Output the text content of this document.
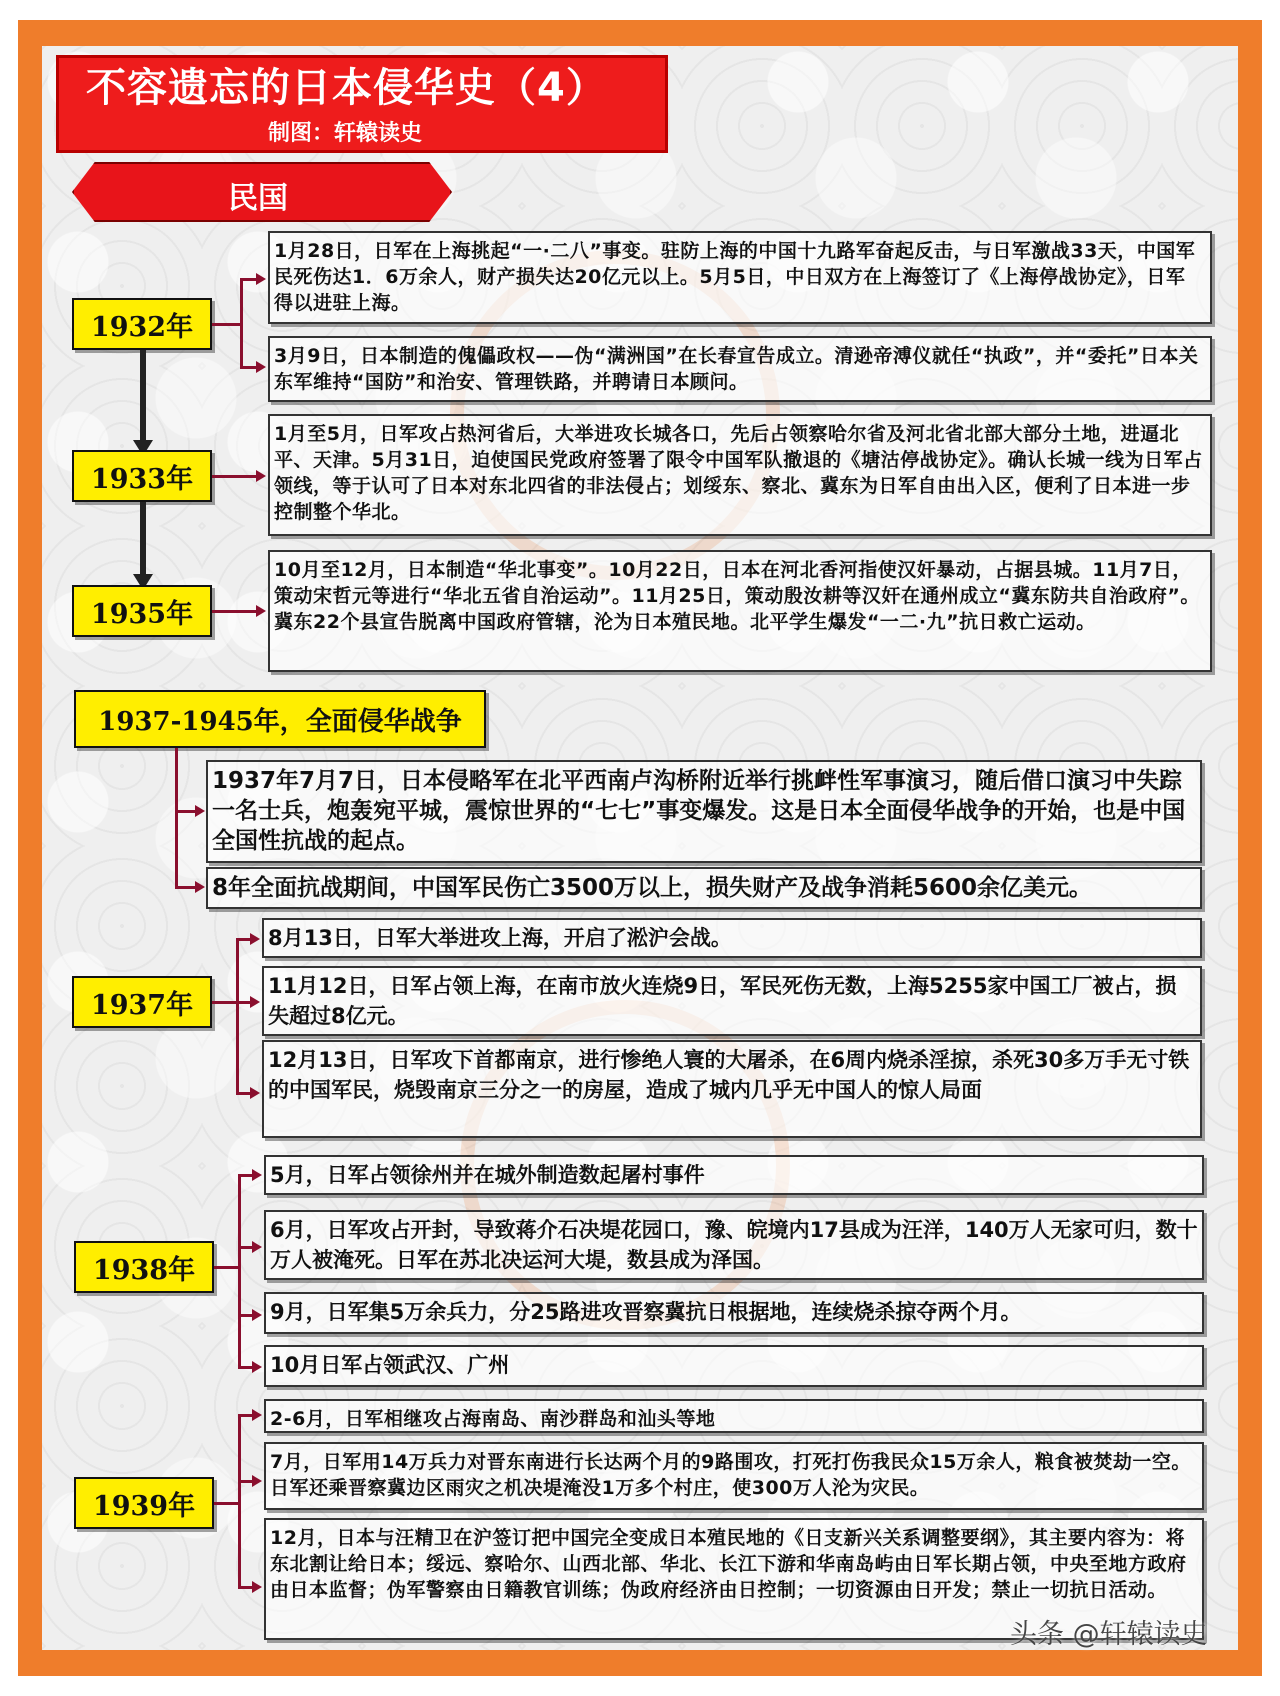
不容遗忘的日本侵华史（4）
制图：轩辕读史
民国
1932年
1月28日，日军在上海挑起“一·二八”事变。驻防上海的中国十九路军奋起反击，与日军激战33天，中国军民死伤达1．6万余人，财产损失达20亿元以上。5月5日，中日双方在上海签订了《上海停战协定》，日军得以进驻上海。
3月9日，日本制造的傀儡政权——伪“满洲国”在长春宣告成立。清逊帝溥仪就任“执政”，并“委托”日本关东军维持“国防”和治安、管理铁路，并聘请日本顾问。
1933年
1月至5月，日军攻占热河省后，大举进攻长城各口，先后占领察哈尔省及河北省北部大部分土地，进逼北平、天津。5月31日，迫使国民党政府签署了限令中国军队撤退的《塘沽停战协定》。确认长城一线为日军占领线，等于认可了日本对东北四省的非法侵占；划绥东、察北、冀东为日军自由出入区，便利了日本进一步控制整个华北。
1935年
10月至12月，日本制造“华北事变”。10月22日，日本在河北香河指使汉奸暴动，占据县城。11月7日，策动宋哲元等进行“华北五省自治运动”。11月25日，策动殷汝耕等汉奸在通州成立“冀东防共自治政府”。冀东22个县宣告脱离中国政府管辖，沦为日本殖民地。北平学生爆发“一二·九”抗日救亡运动。
1937-1945年，全面侵华战争
1937年7月7日，日本侵略军在北平西南卢沟桥附近举行挑衅性军事演习，随后借口演习中失踪一名士兵，炮轰宛平城，震惊世界的“七七”事变爆发。这是日本全面侵华战争的开始，也是中国全国性抗战的起点。
8年全面抗战期间，中国军民伤亡3500万以上，损失财产及战争消耗5600余亿美元。
1937年
8月13日，日军大举进攻上海，开启了淞沪会战。
11月12日，日军占领上海，在南市放火连烧9日，军民死伤无数，上海5255家中国工厂被占，损失超过8亿元。
12月13日，日军攻下首都南京，进行惨绝人寰的大屠杀，在6周内烧杀淫掠，杀死30多万手无寸铁的中国军民，烧毁南京三分之一的房屋，造成了城内几乎无中国人的惊人局面
1938年
5月，日军占领徐州并在城外制造数起屠村事件
6月，日军攻占开封，导致蒋介石决堤花园口，豫、皖境内17县成为汪洋，140万人无家可归，数十万人被淹死。日军在苏北决运河大堤，数县成为泽国。
9月，日军集5万余兵力，分25路进攻晋察冀抗日根据地，连续烧杀掠夺两个月。
10月日军占领武汉、广州
1939年
2-6月，日军相继攻占海南岛、南沙群岛和汕头等地
7月，日军用14万兵力对晋东南进行长达两个月的9路围攻，打死打伤我民众15万余人，粮食被焚劫一空。日军还乘晋察冀边区雨灾之机决堤淹没1万多个村庄，使300万人沦为灾民。
12月，日本与汪精卫在沪签订把中国完全变成日本殖民地的《日支新兴关系调整要纲》，其主要内容为：将东北割让给日本；绥远、察哈尔、山西北部、华北、长江下游和华南岛屿由日军长期占领，中央至地方政府由日本监督；伪军警察由日籍教官训练；伪政府经济由日控制；一切资源由日开发；禁止一切抗日活动。
头条 @轩辕读史
